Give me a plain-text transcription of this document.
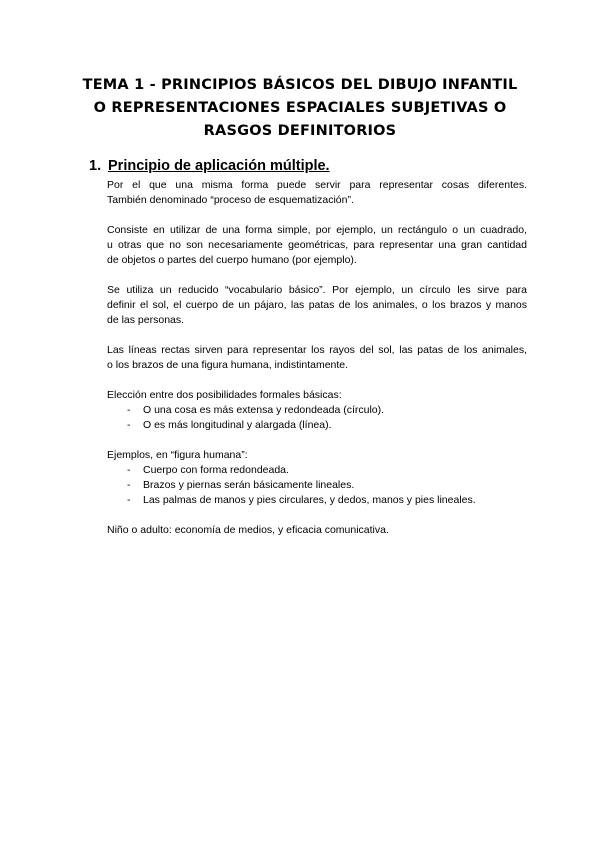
TEMA 1 - PRINCIPIOS BÁSICOS DEL DIBUJO INFANTIL
O REPRESENTACIONES ESPACIALES SUBJETIVAS O
RASGOS DEFINITORIOS
1. Principio de aplicación múltiple.

Por el que una misma forma puede servir para representar cosas diferentes.
También denominado “proceso de esquematización”.

Consiste en utilizar de una forma simple, por ejemplo, un rectángulo o un cuadrado,
u otras que no son necesariamente geométricas, para representar una gran cantidad
de objetos o partes del cuerpo humano (por ejemplo).

Se utiliza un reducido “vocabulario básico”. Por ejemplo, un círculo les sirve para
definir el sol, el cuerpo de un pájaro, las patas de los animales, o los brazos y manos
de las personas.

Las líneas rectas sirven para representar los rayos del sol, las patas de los animales,
o los brazos de una figura humana, indistintamente.

Elección entre dos posibilidades formales básicas:

- O una cosa es más extensa y redondeada (círculo).
- O es más longitudinal y alargada (línea).

Ejemplos, en “figura humana”:

- Cuerpo con forma redondeada.
- Brazos y piernas serán básicamente lineales.
- Las palmas de manos y pies circulares, y dedos, manos y pies lineales.

Niño o adulto: economía de medios, y eficacia comunicativa.
